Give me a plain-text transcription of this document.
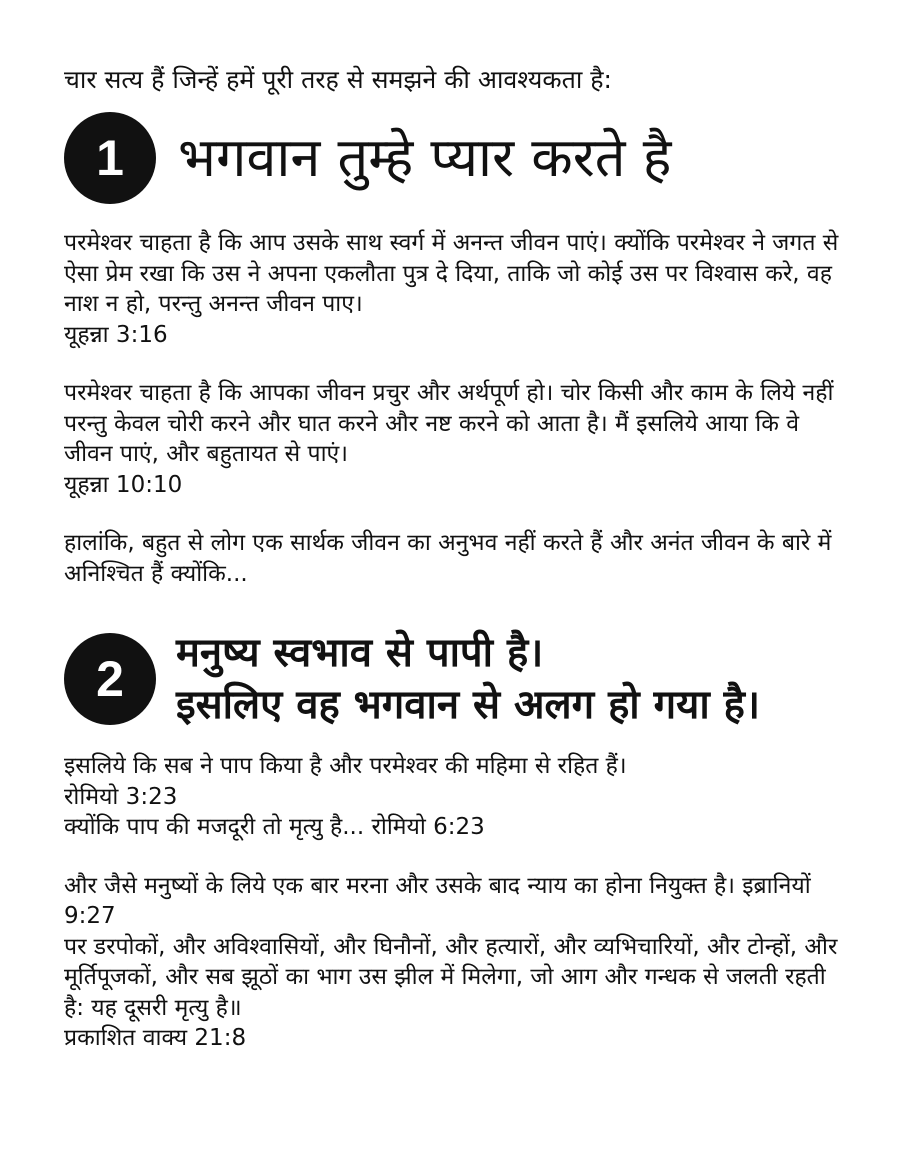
चार सत्य हैं जिन्हें हमें पूरी तरह से समझने की आवश्यकता है:

1	भगवान तुम्हे प्यार करते है

परमेश्वर चाहता है कि आप उसके साथ स्वर्ग में अनन्त जीवन पाएं। क्योंकि परमेश्वर ने जगत से ऐसा प्रेम रखा कि उस ने अपना एकलौता पुत्र दे दिया, ताकि जो कोई उस पर विश्वास करे, वह नाश न हो, परन्तु अनन्त जीवन पाए।
यूहन्ना 3:16

परमेश्वर चाहता है कि आपका जीवन प्रचुर और अर्थपूर्ण हो। चोर किसी और काम के लिये नहीं परन्तु केवल चोरी करने और घात करने और नष्ट करने को आता है। मैं इसलिये आया कि वे जीवन पाएं, और बहुतायत से पाएं।
यूहन्ना 10:10

हालांकि, बहुत से लोग एक सार्थक जीवन का अनुभव नहीं करते हैं और अनंत जीवन के बारे में अनिश्चित हैं क्योंकि...

2	मनुष्य स्वभाव से पापी है।
इसलिए वह भगवान से अलग हो गया है।

इसलिये कि सब ने पाप किया है और परमेश्वर की महिमा से रहित हैं।
रोमियो 3:23

क्योंकि पाप की मजदूरी तो मृत्यु है... रोमियो 6:23

और जैसे मनुष्यों के लिये एक बार मरना और उसके बाद न्याय का होना नियुक्त है। इब्रानियों 9:27

पर डरपोकों, और अविश्वासियों, और घिनौनों, और हत्यारों, और व्यभिचारियों, और टोन्हों, और मूर्तिपूजकों, और सब झूठों का भाग उस झील में मिलेगा, जो आग और गन्धक से जलती रहती है: यह दूसरी मृत्यु है॥
प्रकाशित वाक्य 21:8
